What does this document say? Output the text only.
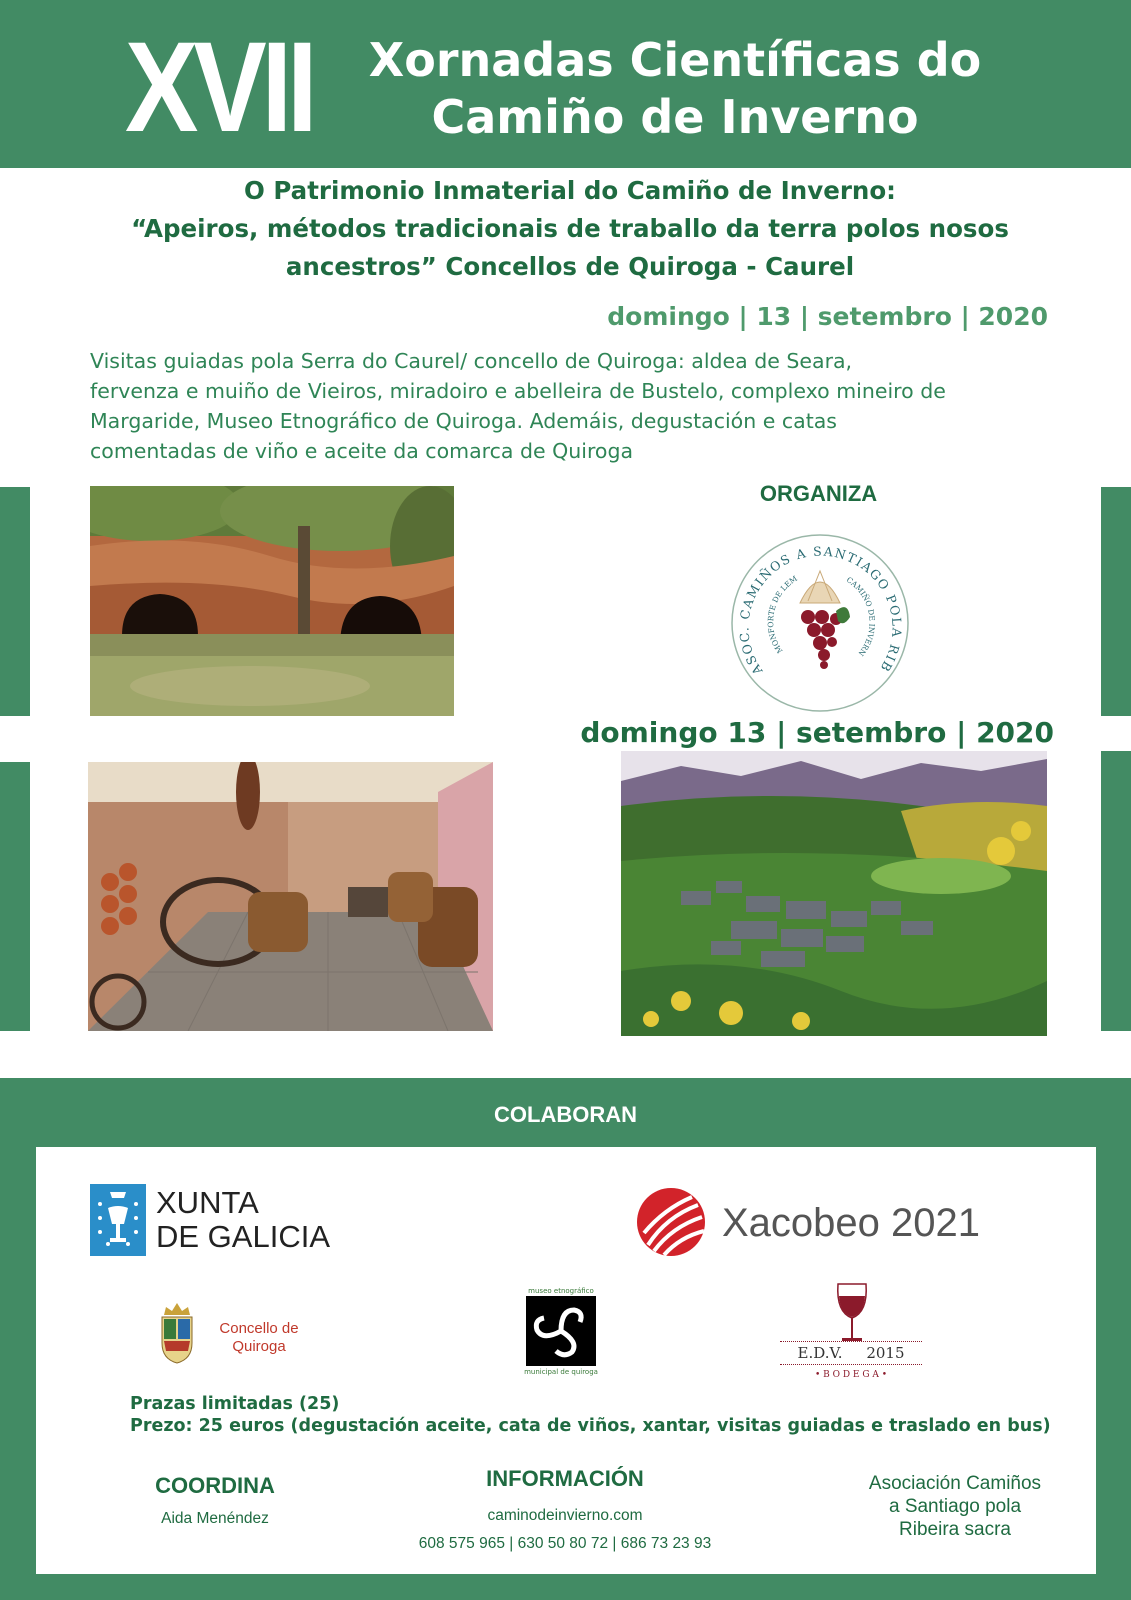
XVII	Xornadas Científicas do
Camiño de Inverno
O Patrimonio Inmaterial do Camiño de Inverno:
“Apeiros, métodos tradicionais de traballo da terra polos nosos
ancestros” Concellos de Quiroga - Caurel
domingo | 13 | setembro | 2020
Visitas guiadas pola Serra do Caurel/ concello de Quiroga: aldea de Seara,
fervenza e muiño de Vieiros, miradoiro e abelleira de Bustelo, complexo mineiro de
Margaride, Museo Etnográfico de Quiroga. Ademáis, degustación e catas
comentadas de viño e aceite da comarca de Quiroga
ORGANIZA
ASOC. CAMIÑOS A SANTIAGO POLA RIB
MONFORTE DE LEM	CAMIÑO DE INVERN
domingo 13 | setembro | 2020
COLABORAN
XUNTA
DE GALICIA	Xacobeo 2021
Concello de
Quiroga
museo etnográfico
municipal de quiroga
E.D.V. 2015
• B O D E G A •
Prazas limitadas (25)
Prezo: 25 euros (degustación aceite, cata de viños, xantar, visitas guiadas e traslado en bus)
COORDINA
Aida Menéndez
INFORMACIÓN
caminodeinvierno.com
608 575 965 | 630 50 80 72 | 686 73 23 93
Asociación Camiños
a Santiago pola
Ribeira sacra
